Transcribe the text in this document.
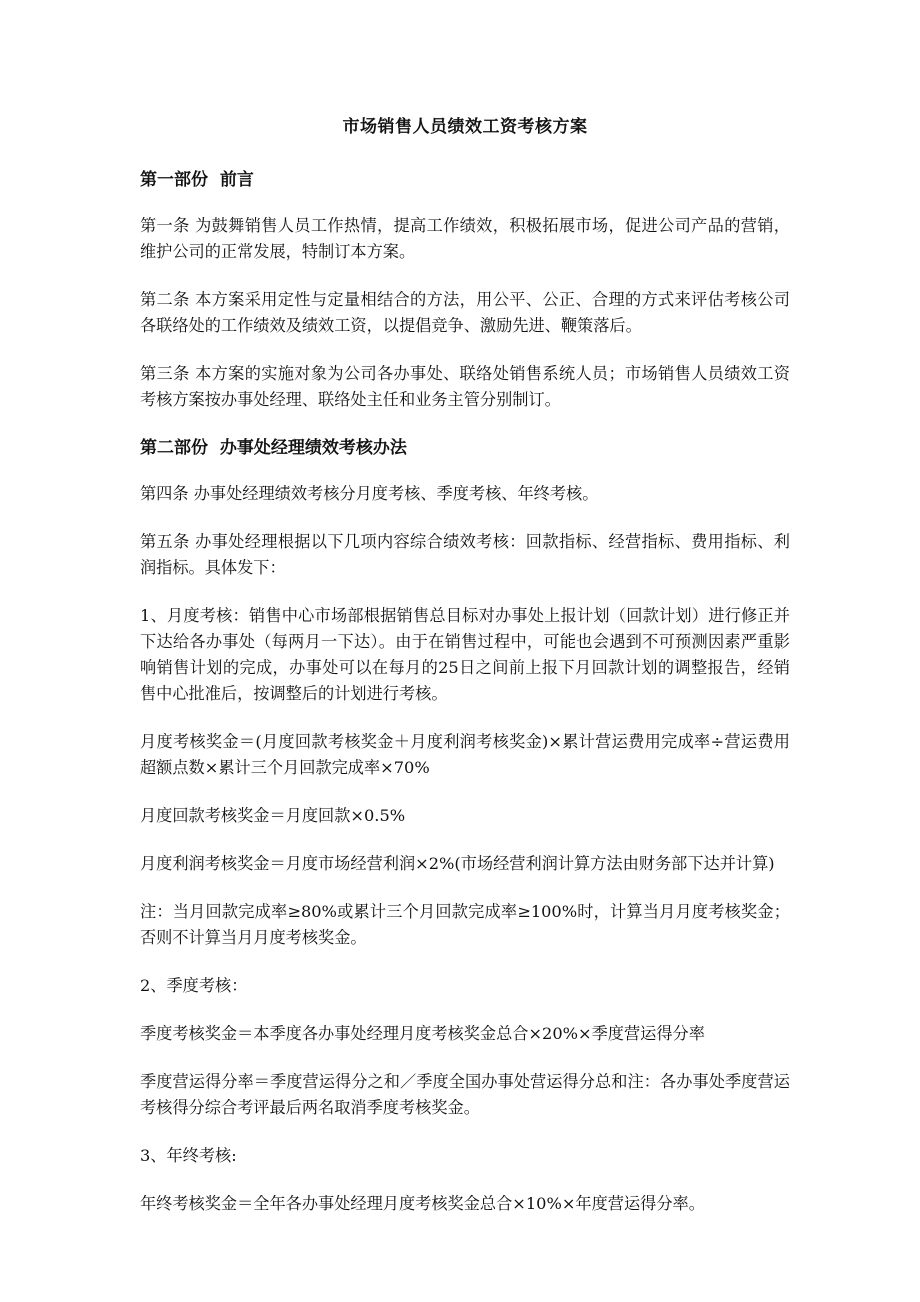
市场销售人员绩效工资考核方案
第一部份  前言

第一条 为鼓舞销售人员工作热情，提高工作绩效，积极拓展市场，促进公司产品的营销，维护公司的正常发展，特制订本方案。

第二条 本方案采用定性与定量相结合的方法，用公平、公正、合理的方式来评估考核公司各联络处的工作绩效及绩效工资，以提倡竞争、激励先进、鞭策落后。

第三条 本方案的实施对象为公司各办事处、联络处销售系统人员；市场销售人员绩效工资考核方案按办事处经理、联络处主任和业务主管分别制订。

第二部份  办事处经理绩效考核办法

第四条 办事处经理绩效考核分月度考核、季度考核、年终考核。

第五条 办事处经理根据以下几项内容综合绩效考核：回款指标、经营指标、费用指标、利润指标。具体发下：

1、月度考核：销售中心市场部根据销售总目标对办事处上报计划（回款计划）进行修正并下达给各办事处（每两月一下达）。由于在销售过程中，可能也会遇到不可预测因素严重影响销售计划的完成，办事处可以在每月的25日之间前上报下月回款计划的调整报告，经销售中心批准后，按调整后的计划进行考核。

月度考核奖金＝(月度回款考核奖金＋月度利润考核奖金)×累计营运费用完成率÷营运费用超额点数×累计三个月回款完成率×70%

月度回款考核奖金＝月度回款×0.5%

月度利润考核奖金＝月度市场经营利润×2%(市场经营利润计算方法由财务部下达并计算)

注：当月回款完成率≥80%或累计三个月回款完成率≥100%时，计算当月月度考核奖金；否则不计算当月月度考核奖金。

2、季度考核：

季度考核奖金＝本季度各办事处经理月度考核奖金总合×20%×季度营运得分率

季度营运得分率＝季度营运得分之和／季度全国办事处营运得分总和注：各办事处季度营运考核得分综合考评最后两名取消季度考核奖金。

3、年终考核:

年终考核奖金＝全年各办事处经理月度考核奖金总合×10%×年度营运得分率。
